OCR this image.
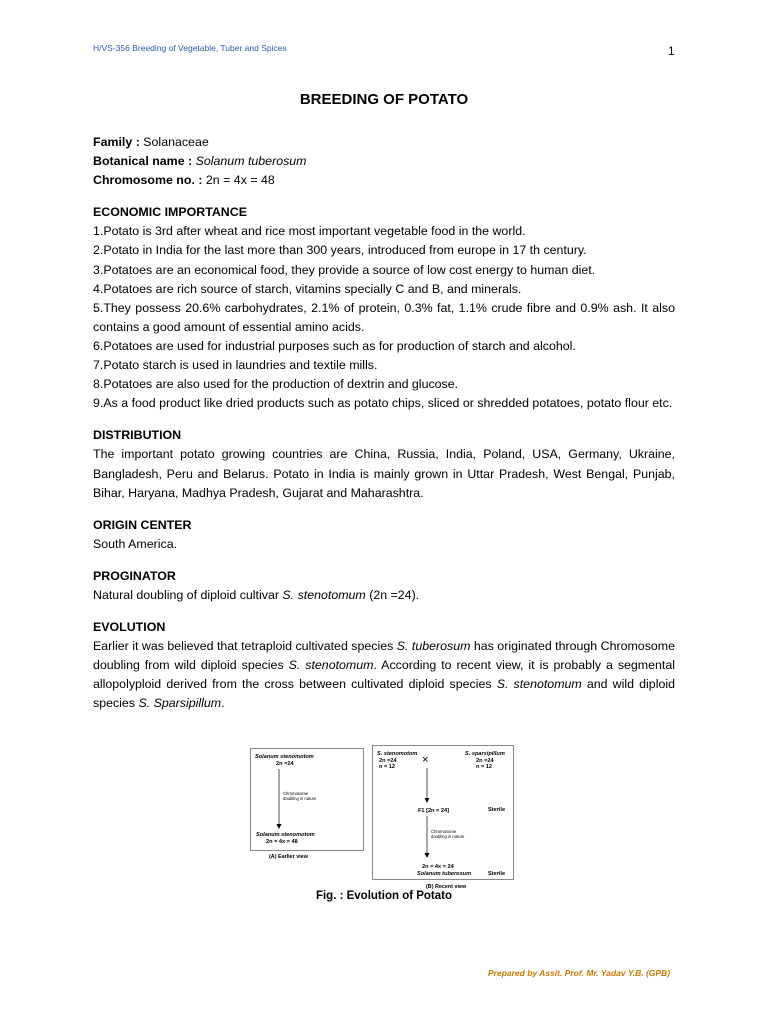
H/VS-356 Breeding of Vegetable, Tuber and Spices	1
BREEDING OF POTATO

Family : Solanaceae

Botanical name : Solanum tuberosum

Chromosome no. : 2n = 4x = 48

ECONOMIC IMPORTANCE

1.Potato is 3rd after wheat and rice most important vegetable food in the world.

2.Potato in India for the last more than 300 years, introduced from europe in 17 th century.

3.Potatoes are an economical food, they provide a source of low cost energy to human diet.

4.Potatoes are rich source of starch, vitamins specially C and B, and minerals.

5.They possess 20.6% carbohydrates, 2.1% of protein, 0.3% fat, 1.1% crude fibre and 0.9% ash. It also contains a good amount of essential amino acids.

6.Potatoes are used for industrial purposes such as for production of starch and alcohol.

7.Potato starch is used in laundries and textile mills.

8.Potatoes are also used for the production of dextrin and glucose.

9.As a food product like dried products such as potato chips, sliced or shredded potatoes, potato flour etc.

DISTRIBUTION

The important potato growing countries are China, Russia, India, Poland, USA, Germany, Ukraine, Bangladesh, Peru and Belarus. Potato in India is mainly grown in Uttar Pradesh, West Bengal, Punjab, Bihar, Haryana, Madhya Pradesh, Gujarat and Maharashtra.

ORIGIN CENTER

South America.

PROGINATOR

Natural doubling of diploid cultivar S. stenotomum (2n =24).

EVOLUTION

Earlier it was believed that tetraploid cultivated species S. tuberosum has originated through Chromosome doubling from wild diploid species S. stenotomum. According to recent view, it is probably a segmental allopolyploid derived from the cross between cultivated diploid species S. stenotomum and wild diploid species S. Sparsipillum.

Solanum stenomotom
2n =24
Chromosome
doubling in nature
Solanum stenomotom
2n = 4x = 48
(A) Earlier view
S. stenomotom
2n =24
n = 12
×	S. sparsipillum
2n =24
n = 12
F1 [2n = 24]	Sterile
Chromosome
doubling in nature
2n = 4x = 24
Solanum tuberosum	Sterile
(B) Recent view
Fig. : Evolution of Potato
Prepared by Assit. Prof. Mr. Yadav Y.B. (GPB)
